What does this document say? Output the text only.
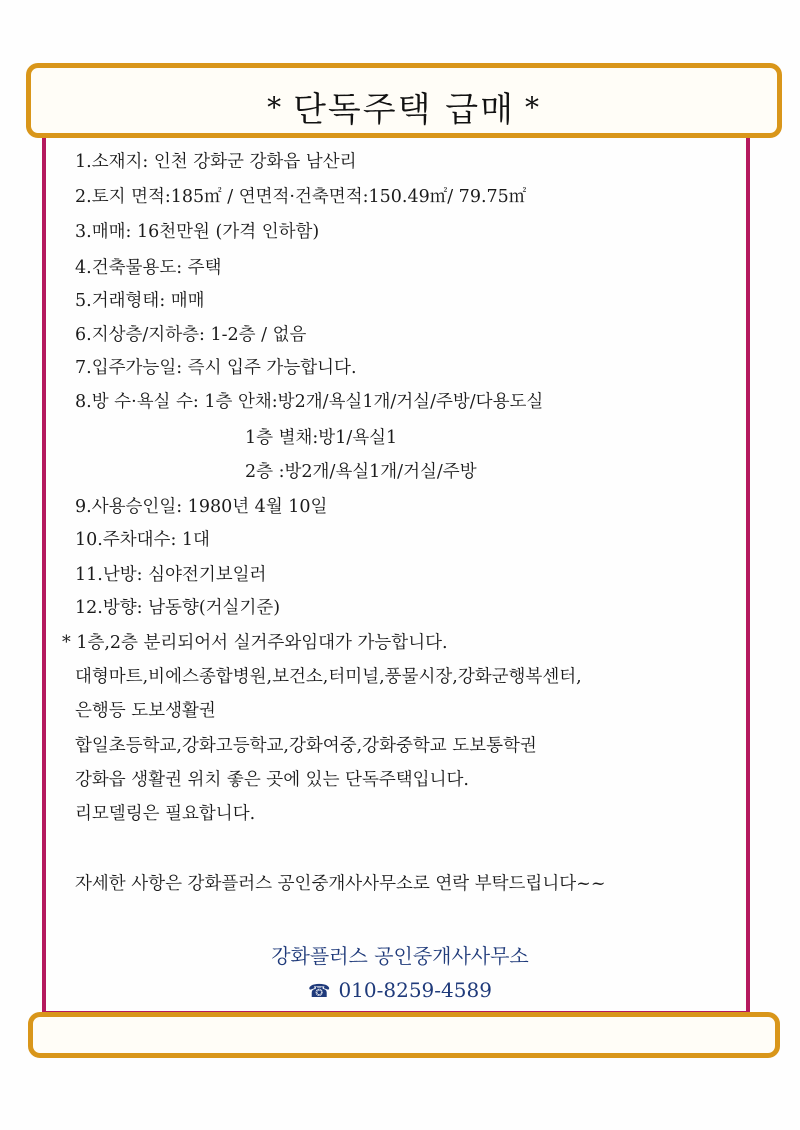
* 단독주택 급매 *
1.소재지: 인천 강화군 강화읍 남산리
2.토지 면적:185㎡ / 연면적·건축면적:150.49㎡/ 79.75㎡
3.매매: 16천만원 (가격 인하함)
4.건축물용도: 주택
5.거래형태: 매매
6.지상층/지하층: 1-2층 / 없음
7.입주가능일: 즉시 입주 가능합니다.
8.방 수·욕실 수: 1층 안채:방2개/욕실1개/거실/주방/다용도실
1층 별채:방1/욕실1
2층 :방2개/욕실1개/거실/주방
9.사용승인일: 1980년 4월 10일
10.주차대수: 1대
11.난방: 심야전기보일러
12.방향: 남동향(거실기준)
* 1층,2층 분리되어서 실거주와임대가 가능합니다.
대형마트,비에스종합병원,보건소,터미널,풍물시장,강화군행복센터,
은행등 도보생활권
합일초등학교,강화고등학교,강화여중,강화중학교 도보통학권
강화읍 생활권 위치 좋은 곳에 있는 단독주택입니다.
리모델링은 필요합니다.
자세한 사항은 강화플러스 공인중개사사무소로 연락 부탁드립니다~~
강화플러스 공인중개사사무소
☎ 010-8259-4589
